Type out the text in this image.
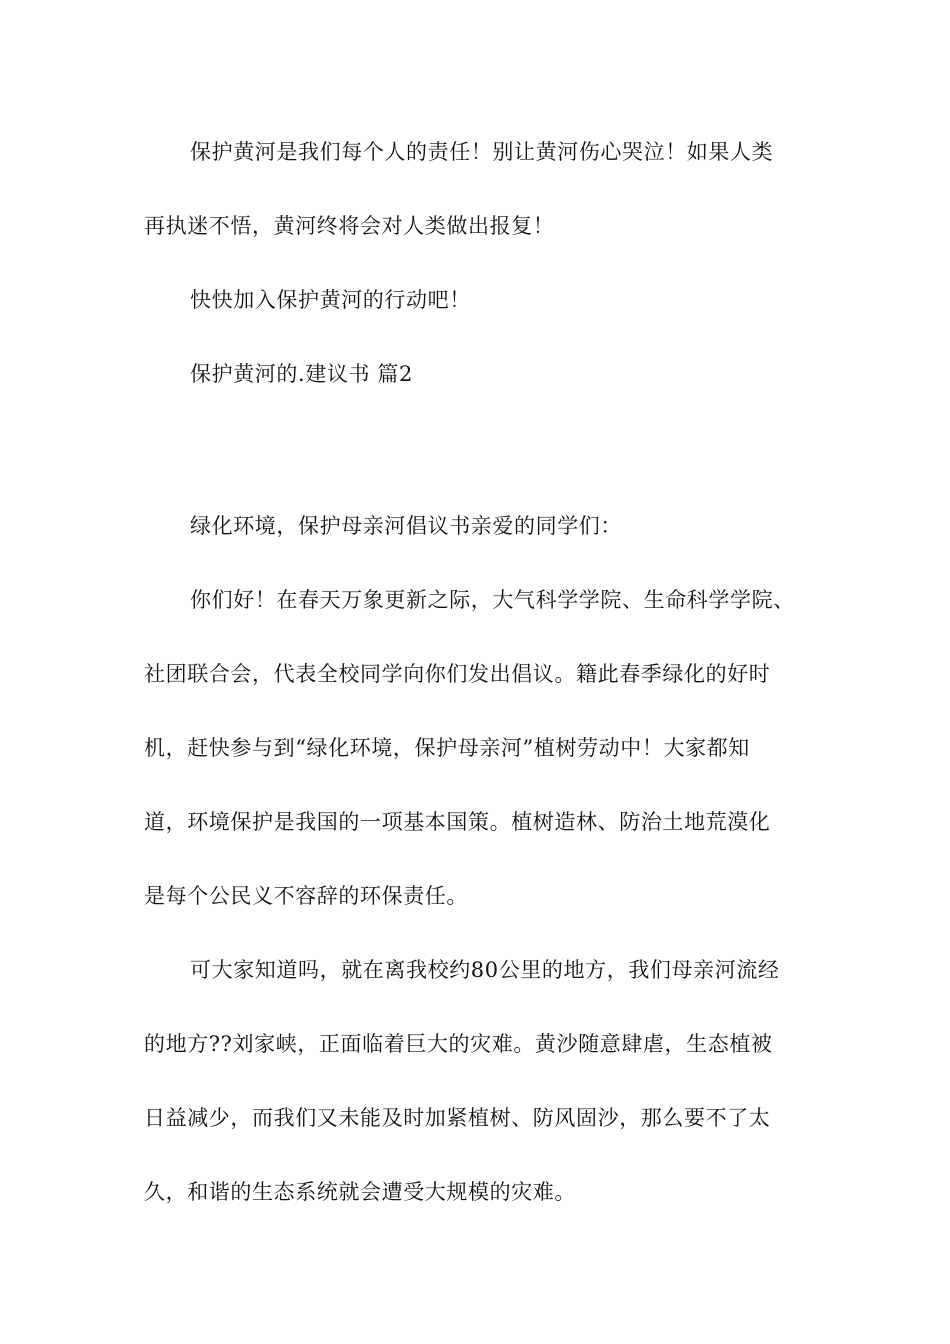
保护黄河是我们每个人的责任！别让黄河伤心哭泣！如果人类
再执迷不悟，黄河终将会对人类做出报复！
快快加入保护黄河的行动吧！
保护黄河的.建议书 篇2
绿化环境，保护母亲河倡议书亲爱的同学们：
你们好！在春天万象更新之际，大气科学学院、生命科学学院、
社团联合会，代表全校同学向你们发出倡议。籍此春季绿化的好时
机，赶快参与到“绿化环境，保护母亲河”植树劳动中！大家都知
道，环境保护是我国的一项基本国策。植树造林、防治土地荒漠化
是每个公民义不容辞的环保责任。
可大家知道吗，就在离我校约80公里的地方，我们母亲河流经
的地方??刘家峡，正面临着巨大的灾难。黄沙随意肆虐，生态植被
日益减少，而我们又未能及时加紧植树、防风固沙，那么要不了太
久，和谐的生态系统就会遭受大规模的灾难。
